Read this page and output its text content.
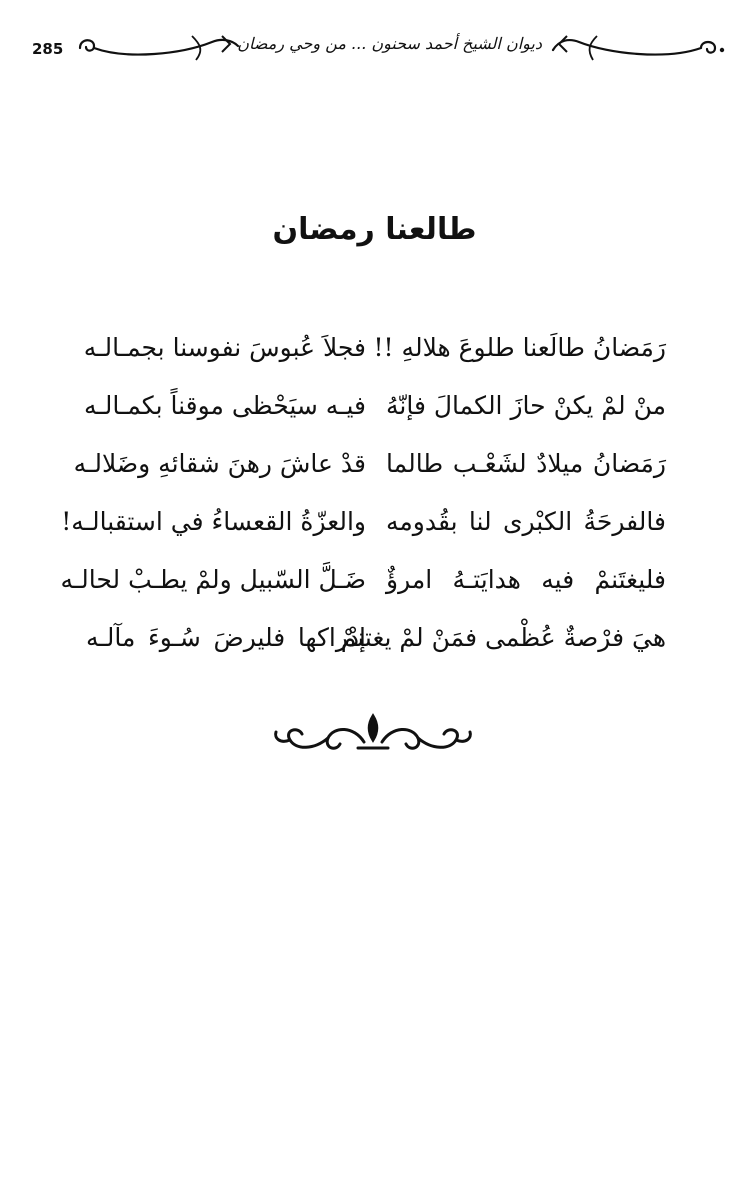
285	ديوان الشيخ أحمد سحنون ... من وحي رمضان
طالعنا رمضان
رَمَضانُ طالَعنا طلوعَ هلالهِ !!
فجلاَ عُبوسَ نفوسنا بجمـالـه
منْ لمْ يكنْ حازَ الكمالَ فإنّهُ
فيـه سيَحْظى موقناً بكمـالـه
رَمَضانُ ميلادٌ لشَعْـب طالما
قدْ عاشَ رهنَ شقائهِ وضَلالـه
فالفرحَةُ الكبْرى لنا بقُدومه
والعزّةُ القعساءُ في استقبالـه!
فليغتَنمْ فيه هدايَتـهُ امرؤٌ
ضَـلَّ السّبيل ولمْ يطـبْ لحالـه
هيَ فرْصةٌ عُظْمى فمَنْ لمْ يغتنمْ
إدْراكها فليرضَ سُـوءَ مآلـه
